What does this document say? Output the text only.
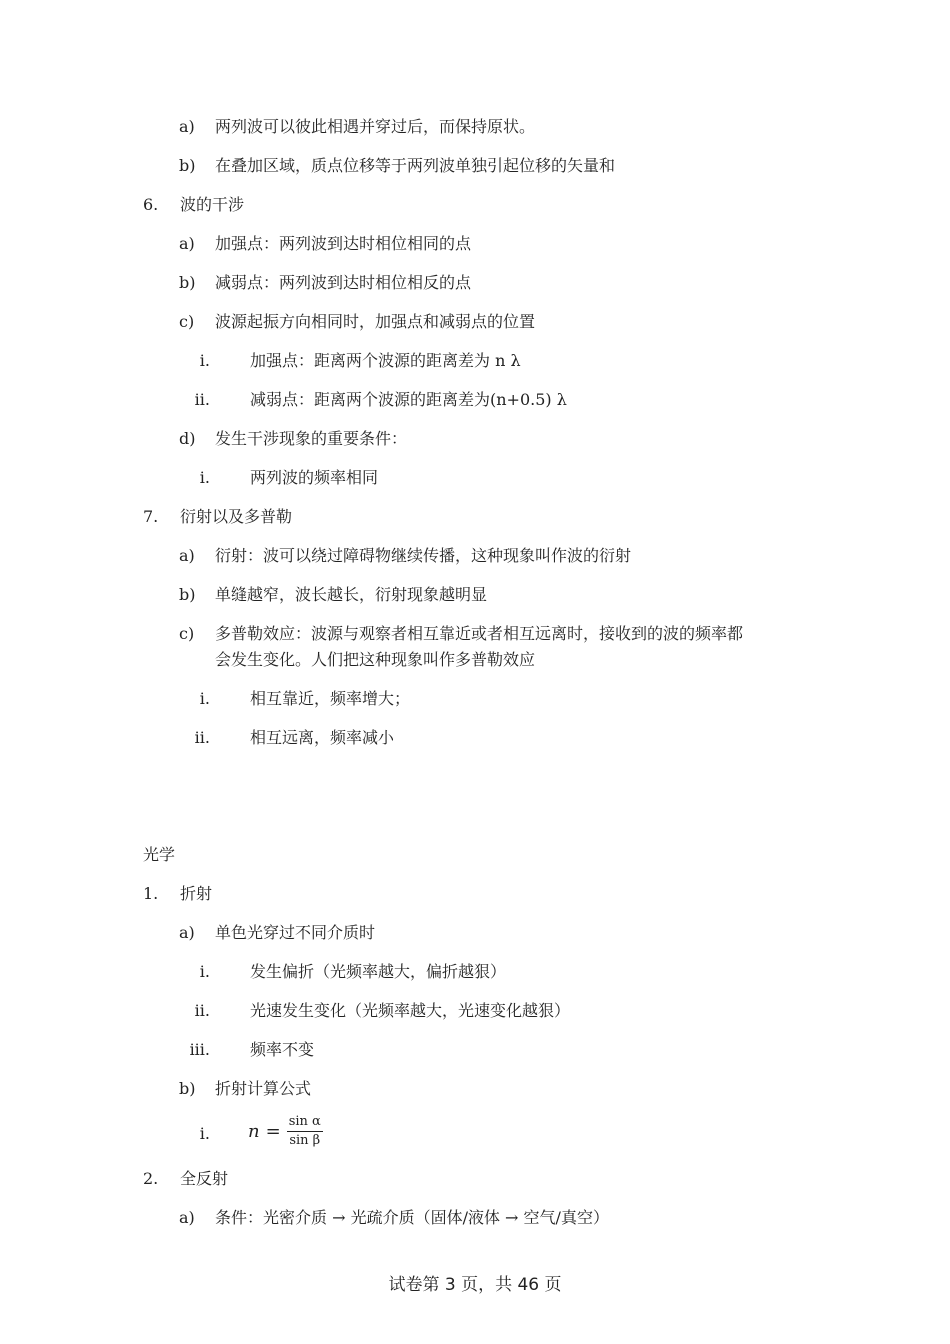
a) 两列波可以彼此相遇并穿过后，而保持原状。
b) 在叠加区域，质点位移等于两列波单独引起位移的矢量和
6. 波的干涉
a) 加强点：两列波到达时相位相同的点
b) 减弱点：两列波到达时相位相反的点
c) 波源起振方向相同时，加强点和减弱点的位置
i.	加强点：距离两个波源的距离差为 n λ
ii.	减弱点：距离两个波源的距离差为(n+0.5) λ
d) 发生干涉现象的重要条件：
i.	两列波的频率相同
7. 衍射以及多普勒
a) 衍射：波可以绕过障碍物继续传播，这种现象叫作波的衍射
b) 单缝越窄，波长越长，衍射现象越明显
c) 多普勒效应：波源与观察者相互靠近或者相互远离时，接收到的波的频率都
会发生变化。人们把这种现象叫作多普勒效应
i.	相互靠近，频率增大；
ii.	相互远离，频率减小
光学
1. 折射
a) 单色光穿过不同介质时
i.	发生偏折（光频率越大，偏折越狠）
ii.	光速发生变化（光频率越大，光速变化越狠）
iii.	频率不变
b) 折射计算公式
i. $n = \frac{\text{sin α}}{\text{sin β}}$
2. 全反射
a) 条件：光密介质 → 光疏介质（固体/液体 → 空气/真空）
试卷第 3 页，共 46 页
